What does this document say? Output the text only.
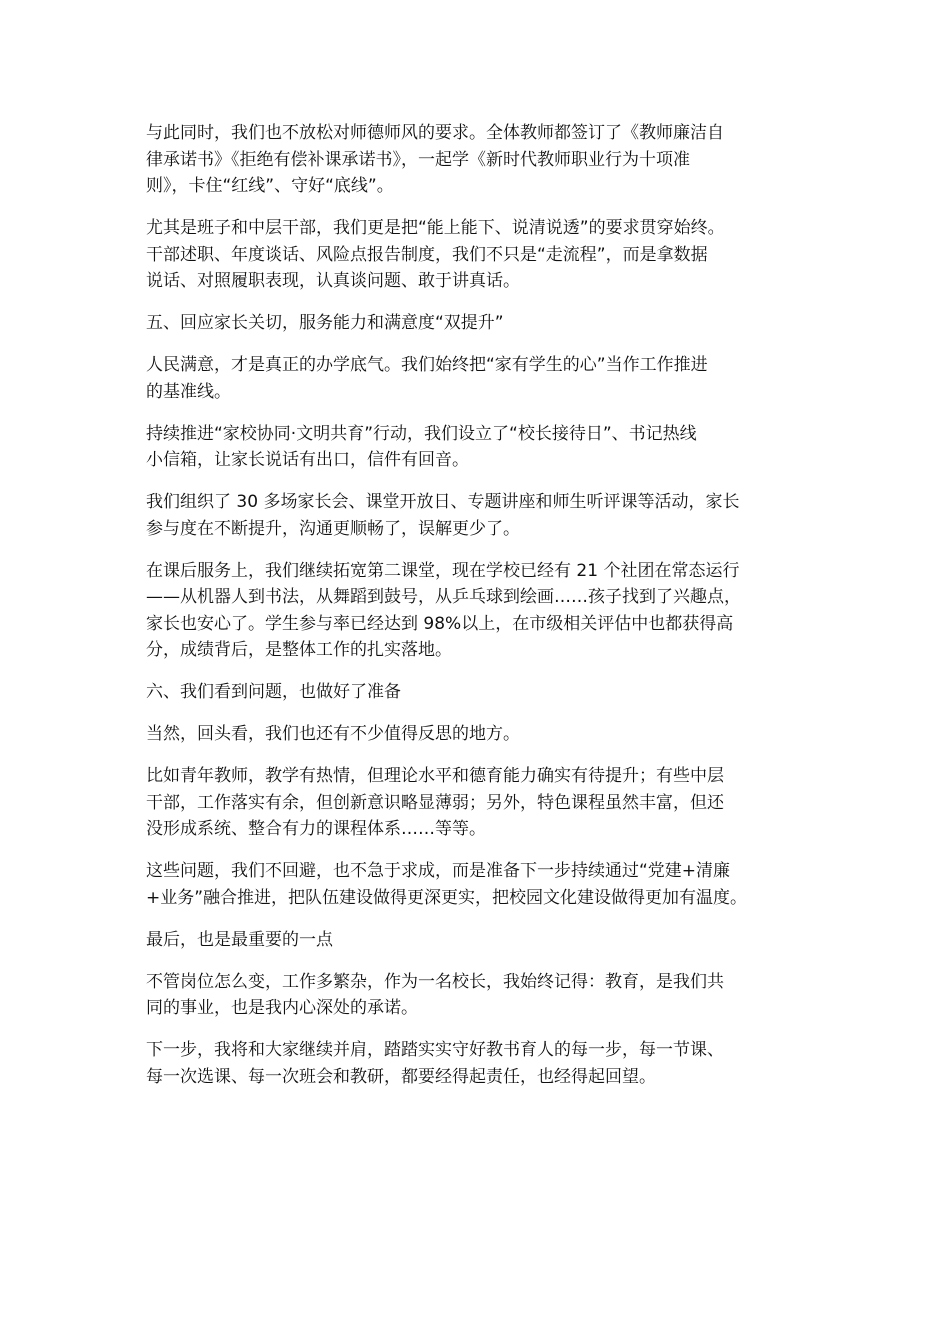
与此同时，我们也不放松对师德师风的要求。全体教师都签订了《教师廉洁自
律承诺书》《拒绝有偿补课承诺书》，一起学《新时代教师职业行为十项准
则》，卡住“红线”、守好“底线”。

尤其是班子和中层干部，我们更是把“能上能下、说清说透”的要求贯穿始终。
干部述职、年度谈话、风险点报告制度，我们不只是“走流程”，而是拿数据
说话、对照履职表现，认真谈问题、敢于讲真话。

五、回应家长关切，服务能力和满意度“双提升”

人民满意，才是真正的办学底气。我们始终把“家有学生的心”当作工作推进
的基准线。

持续推进“家校协同·文明共育”行动，我们设立了“校长接待日”、书记热线
小信箱，让家长说话有出口，信件有回音。

我们组织了 30 多场家长会、课堂开放日、专题讲座和师生听评课等活动，家长
参与度在不断提升，沟通更顺畅了，误解更少了。

在课后服务上，我们继续拓宽第二课堂，现在学校已经有 21 个社团在常态运行
——从机器人到书法，从舞蹈到鼓号，从乒乓球到绘画……孩子找到了兴趣点，
家长也安心了。学生参与率已经达到 98%以上，在市级相关评估中也都获得高
分，成绩背后，是整体工作的扎实落地。

六、我们看到问题，也做好了准备

当然，回头看，我们也还有不少值得反思的地方。

比如青年教师，教学有热情，但理论水平和德育能力确实有待提升；有些中层
干部，工作落实有余，但创新意识略显薄弱；另外，特色课程虽然丰富，但还
没形成系统、整合有力的课程体系……等等。

这些问题，我们不回避，也不急于求成，而是准备下一步持续通过“党建+清廉
+业务”融合推进，把队伍建设做得更深更实，把校园文化建设做得更加有温度。

最后，也是最重要的一点

不管岗位怎么变，工作多繁杂，作为一名校长，我始终记得：教育，是我们共
同的事业，也是我内心深处的承诺。

下一步，我将和大家继续并肩，踏踏实实守好教书育人的每一步，每一节课、
每一次选课、每一次班会和教研，都要经得起责任，也经得起回望。
